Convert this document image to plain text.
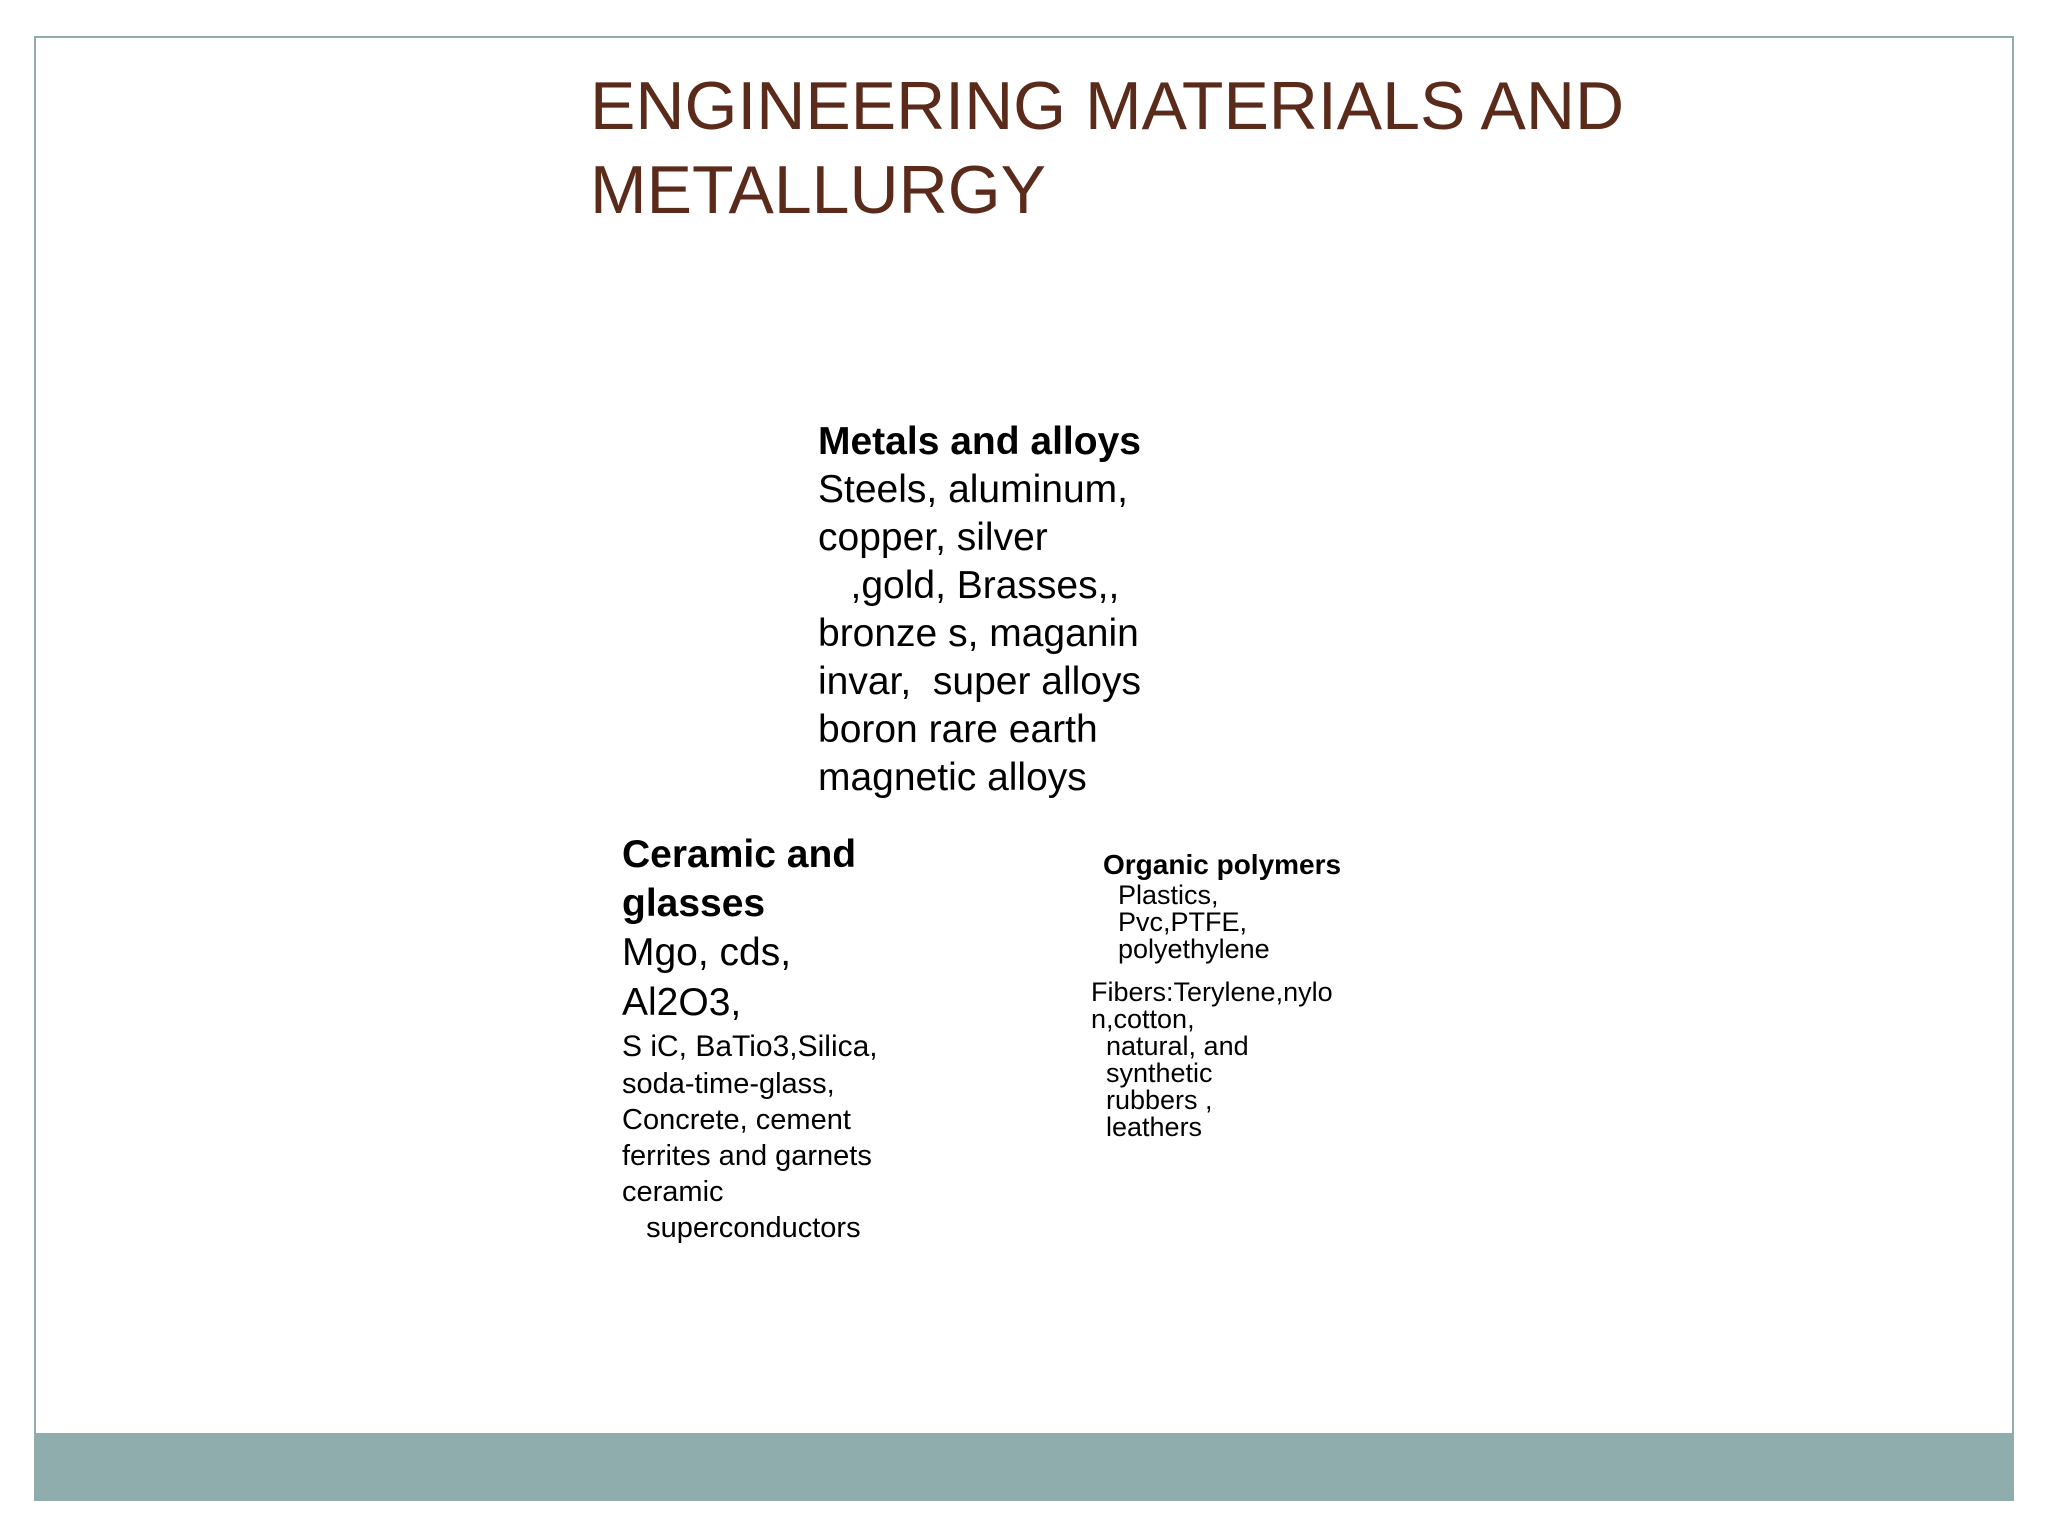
ENGINEERING MATERIALS AND
METALLURGY
Metals and alloys
Steels, aluminum,
copper, silver
,gold, Brasses,,
bronze s, maganin
invar,  super alloys
boron rare earth
magnetic alloys
Ceramic and
glasses
Mgo, cds,
Al2O3,
S iC, BaTio3,Silica,
soda-time-glass,
Concrete, cement
ferrites and garnets
ceramic
superconductors
Organic polymers
Plastics,
Pvc,PTFE,
polyethylene
Fibers:Terylene,nylo
n,cotton,
natural, and
synthetic
rubbers ,
leathers
